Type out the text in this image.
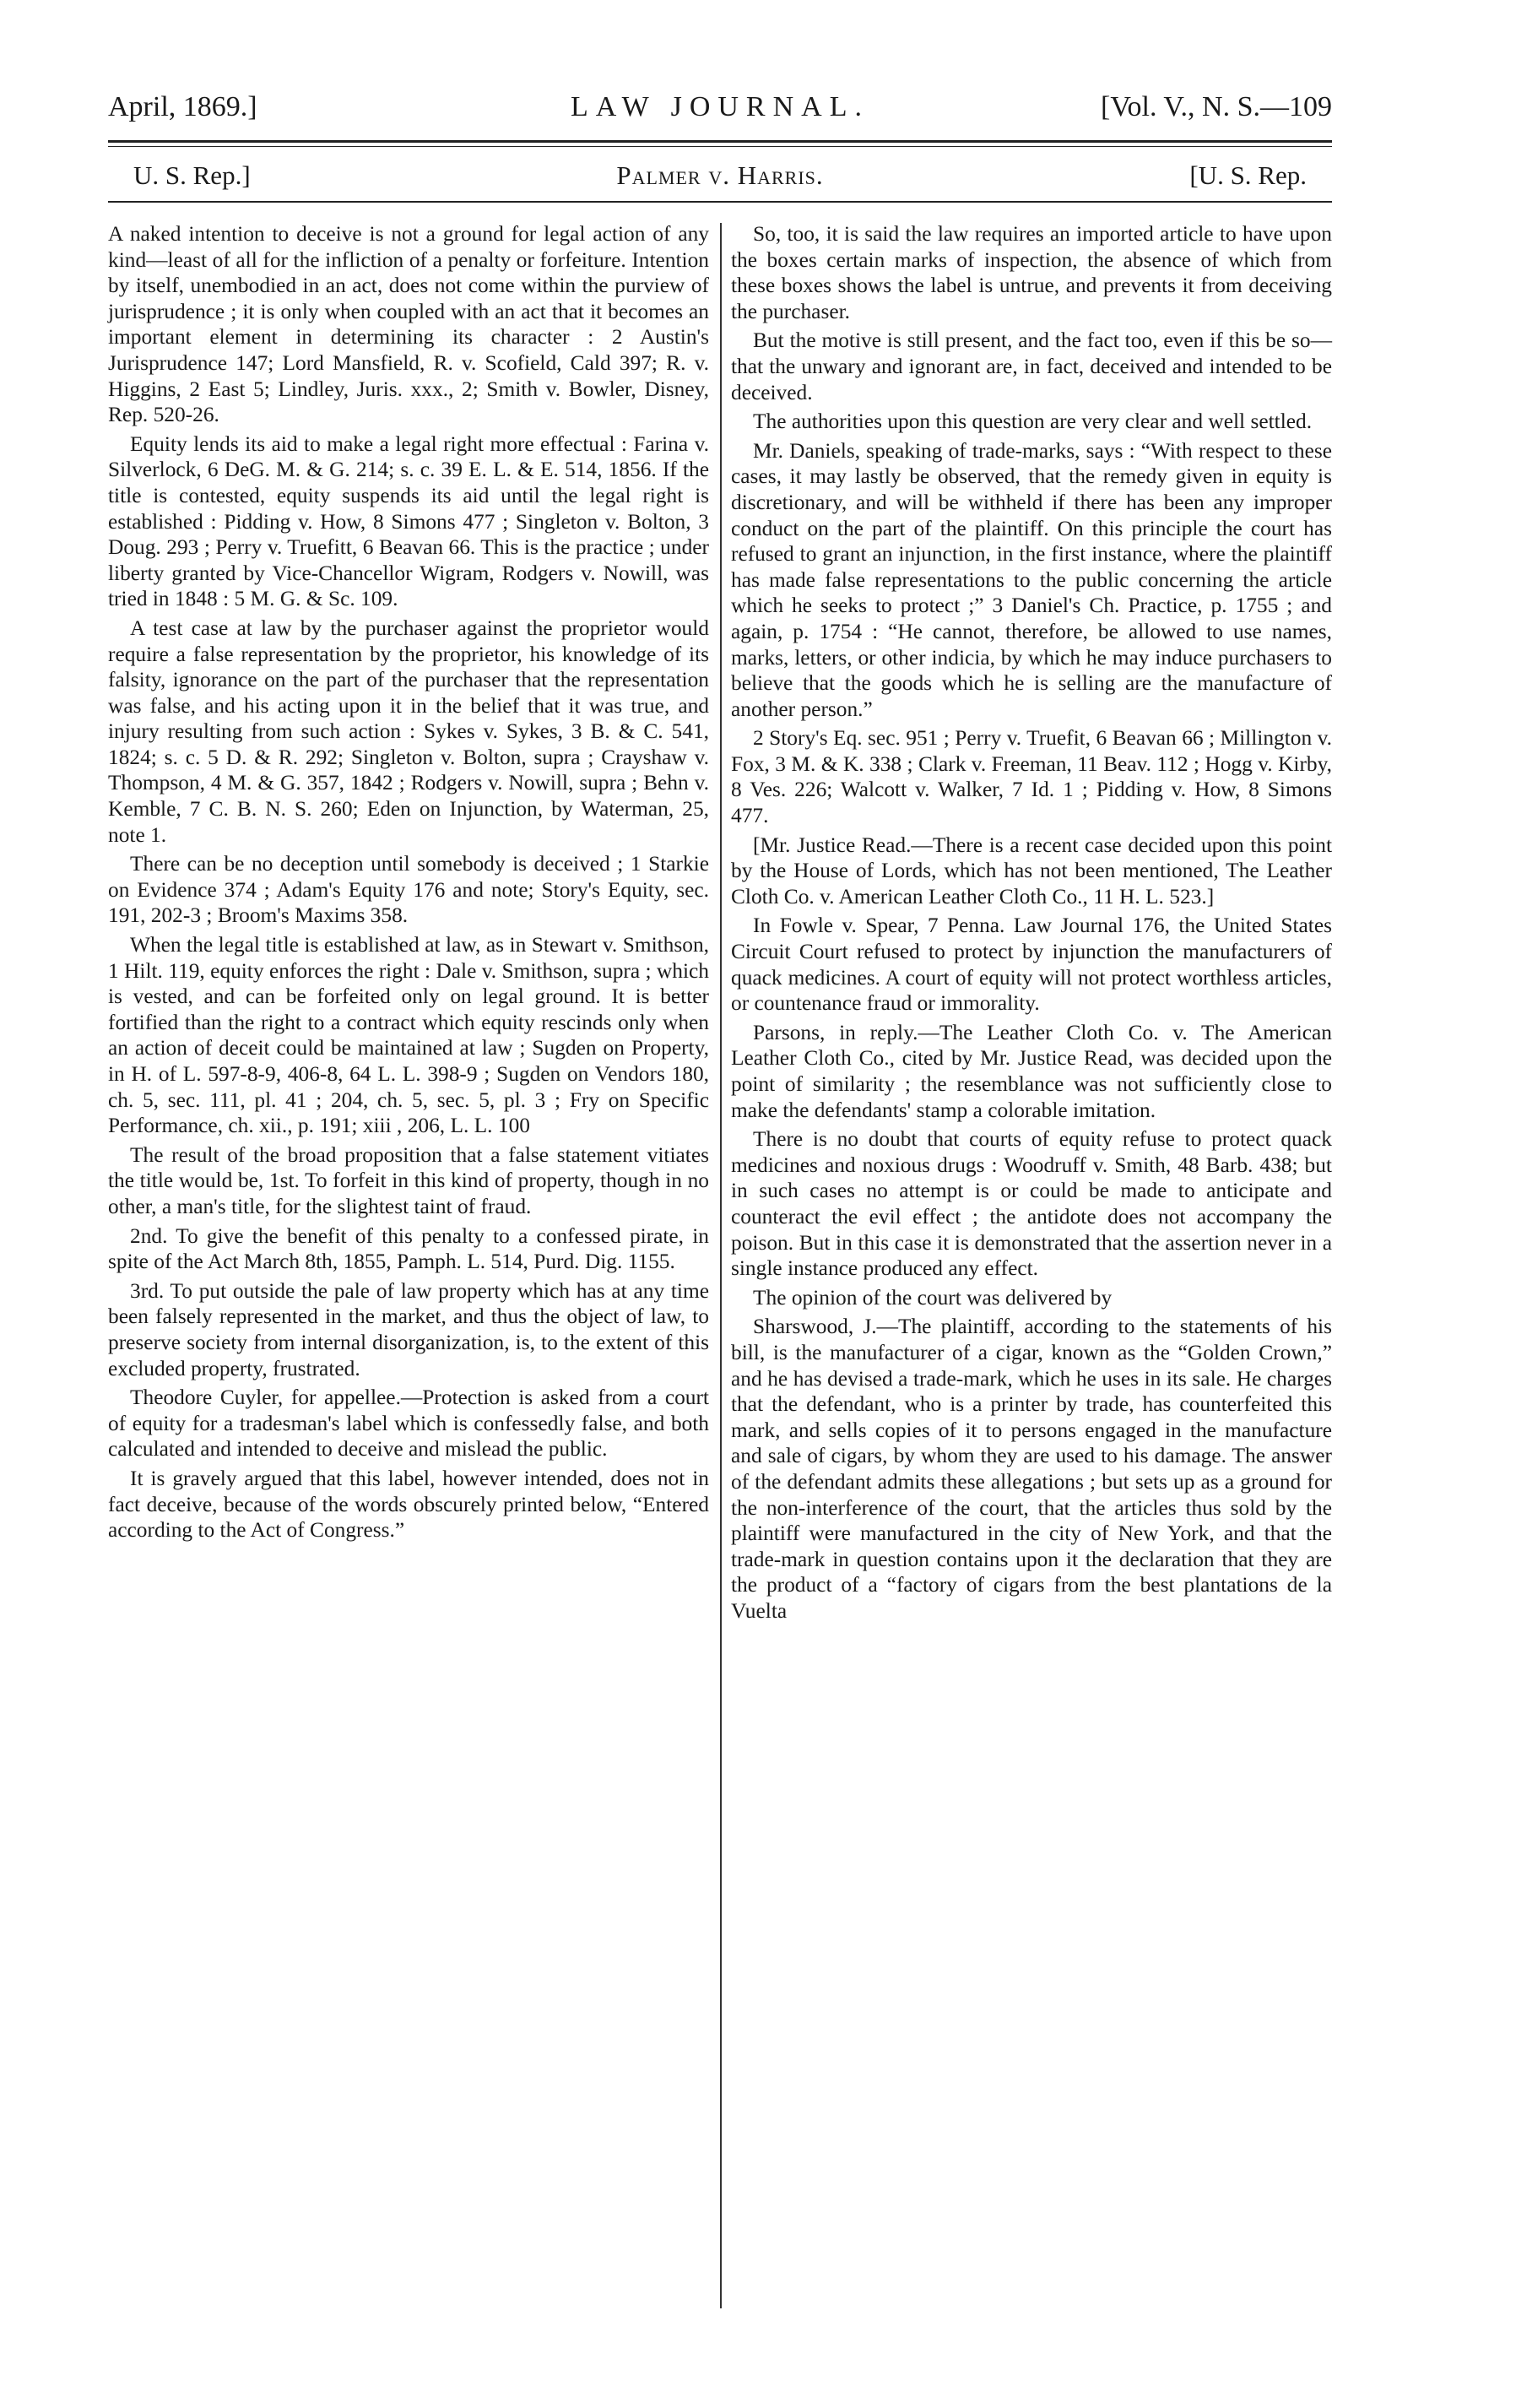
April, 1869.]	LAW JOURNAL.	[Vol. V., N. S.—109
U. S. Rep.]	Palmer v. Harris.	[U. S. Rep.

A naked intention to deceive is not a ground for legal action of any kind—least of all for the infliction of a penalty or forfeiture. Intention by itself, unembodied in an act, does not come within the purview of jurisprudence ; it is only when coupled with an act that it becomes an important element in determining its character : 2 Austin's Jurisprudence 147; Lord Mansfield, R. v. Scofield, Cald 397; R. v. Higgins, 2 East 5; Lindley, Juris. xxx., 2; Smith v. Bowler, Disney, Rep. 520-26.

Equity lends its aid to make a legal right more effectual : Farina v. Silverlock, 6 DeG. M. & G. 214; s. c. 39 E. L. & E. 514, 1856. If the title is contested, equity suspends its aid until the legal right is established : Pidding v. How, 8 Simons 477 ; Singleton v. Bolton, 3 Doug. 293 ; Perry v. Truefitt, 6 Beavan 66. This is the practice ; under liberty granted by Vice-Chancellor Wigram, Rodgers v. Nowill, was tried in 1848 : 5 M. G. & Sc. 109.

A test case at law by the purchaser against the proprietor would require a false representation by the proprietor, his knowledge of its falsity, ignorance on the part of the purchaser that the representation was false, and his acting upon it in the belief that it was true, and injury resulting from such action : Sykes v. Sykes, 3 B. & C. 541, 1824; s. c. 5 D. & R. 292; Singleton v. Bolton, supra ; Crayshaw v. Thompson, 4 M. & G. 357, 1842 ; Rodgers v. Nowill, supra ; Behn v. Kemble, 7 C. B. N. S. 260; Eden on Injunction, by Waterman, 25, note 1.

There can be no deception until somebody is deceived ; 1 Starkie on Evidence 374 ; Adam's Equity 176 and note; Story's Equity, sec. 191, 202-3 ; Broom's Maxims 358.

When the legal title is established at law, as in Stewart v. Smithson, 1 Hilt. 119, equity enforces the right : Dale v. Smithson, supra ; which is vested, and can be forfeited only on legal ground. It is better fortified than the right to a contract which equity rescinds only when an action of deceit could be maintained at law ; Sugden on Property, in H. of L. 597-8-9, 406-8, 64 L. L. 398-9 ; Sugden on Vendors 180, ch. 5, sec. 111, pl. 41 ; 204, ch. 5, sec. 5, pl. 3 ; Fry on Specific Performance, ch. xii., p. 191; xiii , 206, L. L. 100

The result of the broad proposition that a false statement vitiates the title would be, 1st. To forfeit in this kind of property, though in no other, a man's title, for the slightest taint of fraud.

2nd. To give the benefit of this penalty to a confessed pirate, in spite of the Act March 8th, 1855, Pamph. L. 514, Purd. Dig. 1155.

3rd. To put outside the pale of law property which has at any time been falsely represented in the market, and thus the object of law, to preserve society from internal disorganization, is, to the extent of this excluded property, frustrated.

Theodore Cuyler, for appellee.—Protection is asked from a court of equity for a tradesman's label which is confessedly false, and both calculated and intended to deceive and mislead the public.

It is gravely argued that this label, however intended, does not in fact deceive, because of the words obscurely printed below, “Entered according to the Act of Congress.”

So, too, it is said the law requires an imported article to have upon the boxes certain marks of inspection, the absence of which from these boxes shows the label is untrue, and prevents it from deceiving the purchaser.

But the motive is still present, and the fact too, even if this be so—that the unwary and ignorant are, in fact, deceived and intended to be deceived.

The authorities upon this question are very clear and well settled.

Mr. Daniels, speaking of trade-marks, says : “With respect to these cases, it may lastly be observed, that the remedy given in equity is discretionary, and will be withheld if there has been any improper conduct on the part of the plaintiff. On this principle the court has refused to grant an injunction, in the first instance, where the plaintiff has made false representations to the public concerning the article which he seeks to protect ;” 3 Daniel's Ch. Practice, p. 1755 ; and again, p. 1754 : “He cannot, therefore, be allowed to use names, marks, letters, or other indicia, by which he may induce purchasers to believe that the goods which he is selling are the manufacture of another person.”

2 Story's Eq. sec. 951 ; Perry v. Truefit, 6 Beavan 66 ; Millington v. Fox, 3 M. & K. 338 ; Clark v. Freeman, 11 Beav. 112 ; Hogg v. Kirby, 8 Ves. 226; Walcott v. Walker, 7 Id. 1 ; Pidding v. How, 8 Simons 477.

[Mr. Justice Read.—There is a recent case decided upon this point by the House of Lords, which has not been mentioned, The Leather Cloth Co. v. American Leather Cloth Co., 11 H. L. 523.]

In Fowle v. Spear, 7 Penna. Law Journal 176, the United States Circuit Court refused to protect by injunction the manufacturers of quack medicines. A court of equity will not protect worthless articles, or countenance fraud or immorality.

Parsons, in reply.—The Leather Cloth Co. v. The American Leather Cloth Co., cited by Mr. Justice Read, was decided upon the point of similarity ; the resemblance was not sufficiently close to make the defendants' stamp a colorable imitation.

There is no doubt that courts of equity refuse to protect quack medicines and noxious drugs : Woodruff v. Smith, 48 Barb. 438; but in such cases no attempt is or could be made to anticipate and counteract the evil effect ; the antidote does not accompany the poison. But in this case it is demonstrated that the assertion never in a single instance produced any effect.

The opinion of the court was delivered by

Sharswood, J.—The plaintiff, according to the statements of his bill, is the manufacturer of a cigar, known as the “Golden Crown,” and he has devised a trade-mark, which he uses in its sale. He charges that the defendant, who is a printer by trade, has counterfeited this mark, and sells copies of it to persons engaged in the manufacture and sale of cigars, by whom they are used to his damage. The answer of the defendant admits these allegations ; but sets up as a ground for the non-interference of the court, that the articles thus sold by the plaintiff were manufactured in the city of New York, and that the trade-mark in question contains upon it the declaration that they are the product of a “factory of cigars from the best plantations de la Vuelta
